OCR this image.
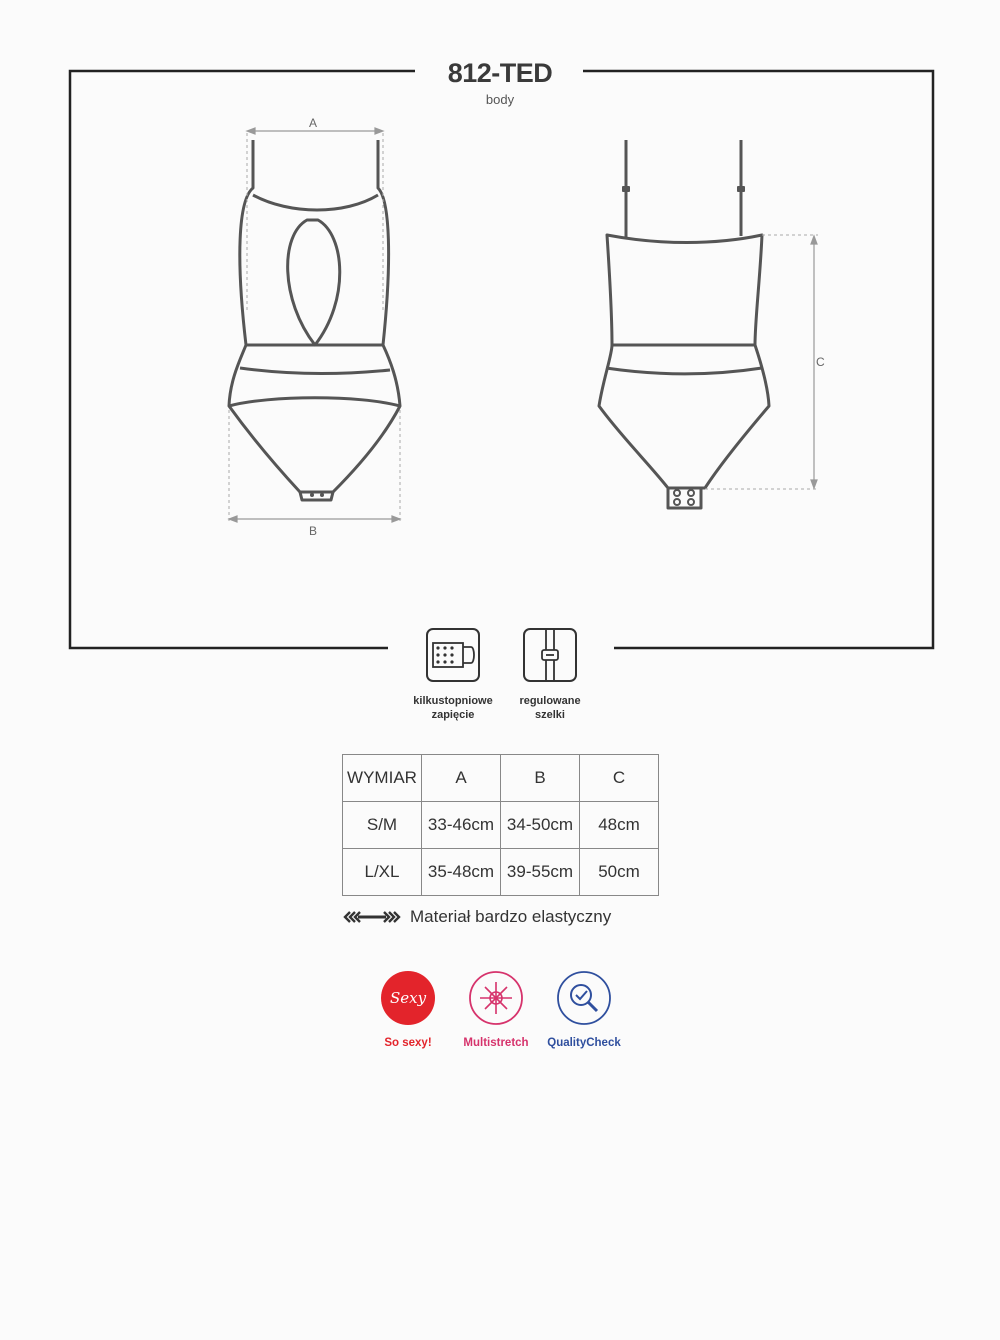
812-TED
body
A
B
C
kilkustopniowe
zapięcie
regulowane
szelki
WYMIAR	A	B	C
S/M	33-46cm	34-50cm	48cm
L/XL	35-48cm	39-55cm	50cm
Materiał bardzo elastyczny
Sexy
So sexy!	Multistretch	QualityCheck
